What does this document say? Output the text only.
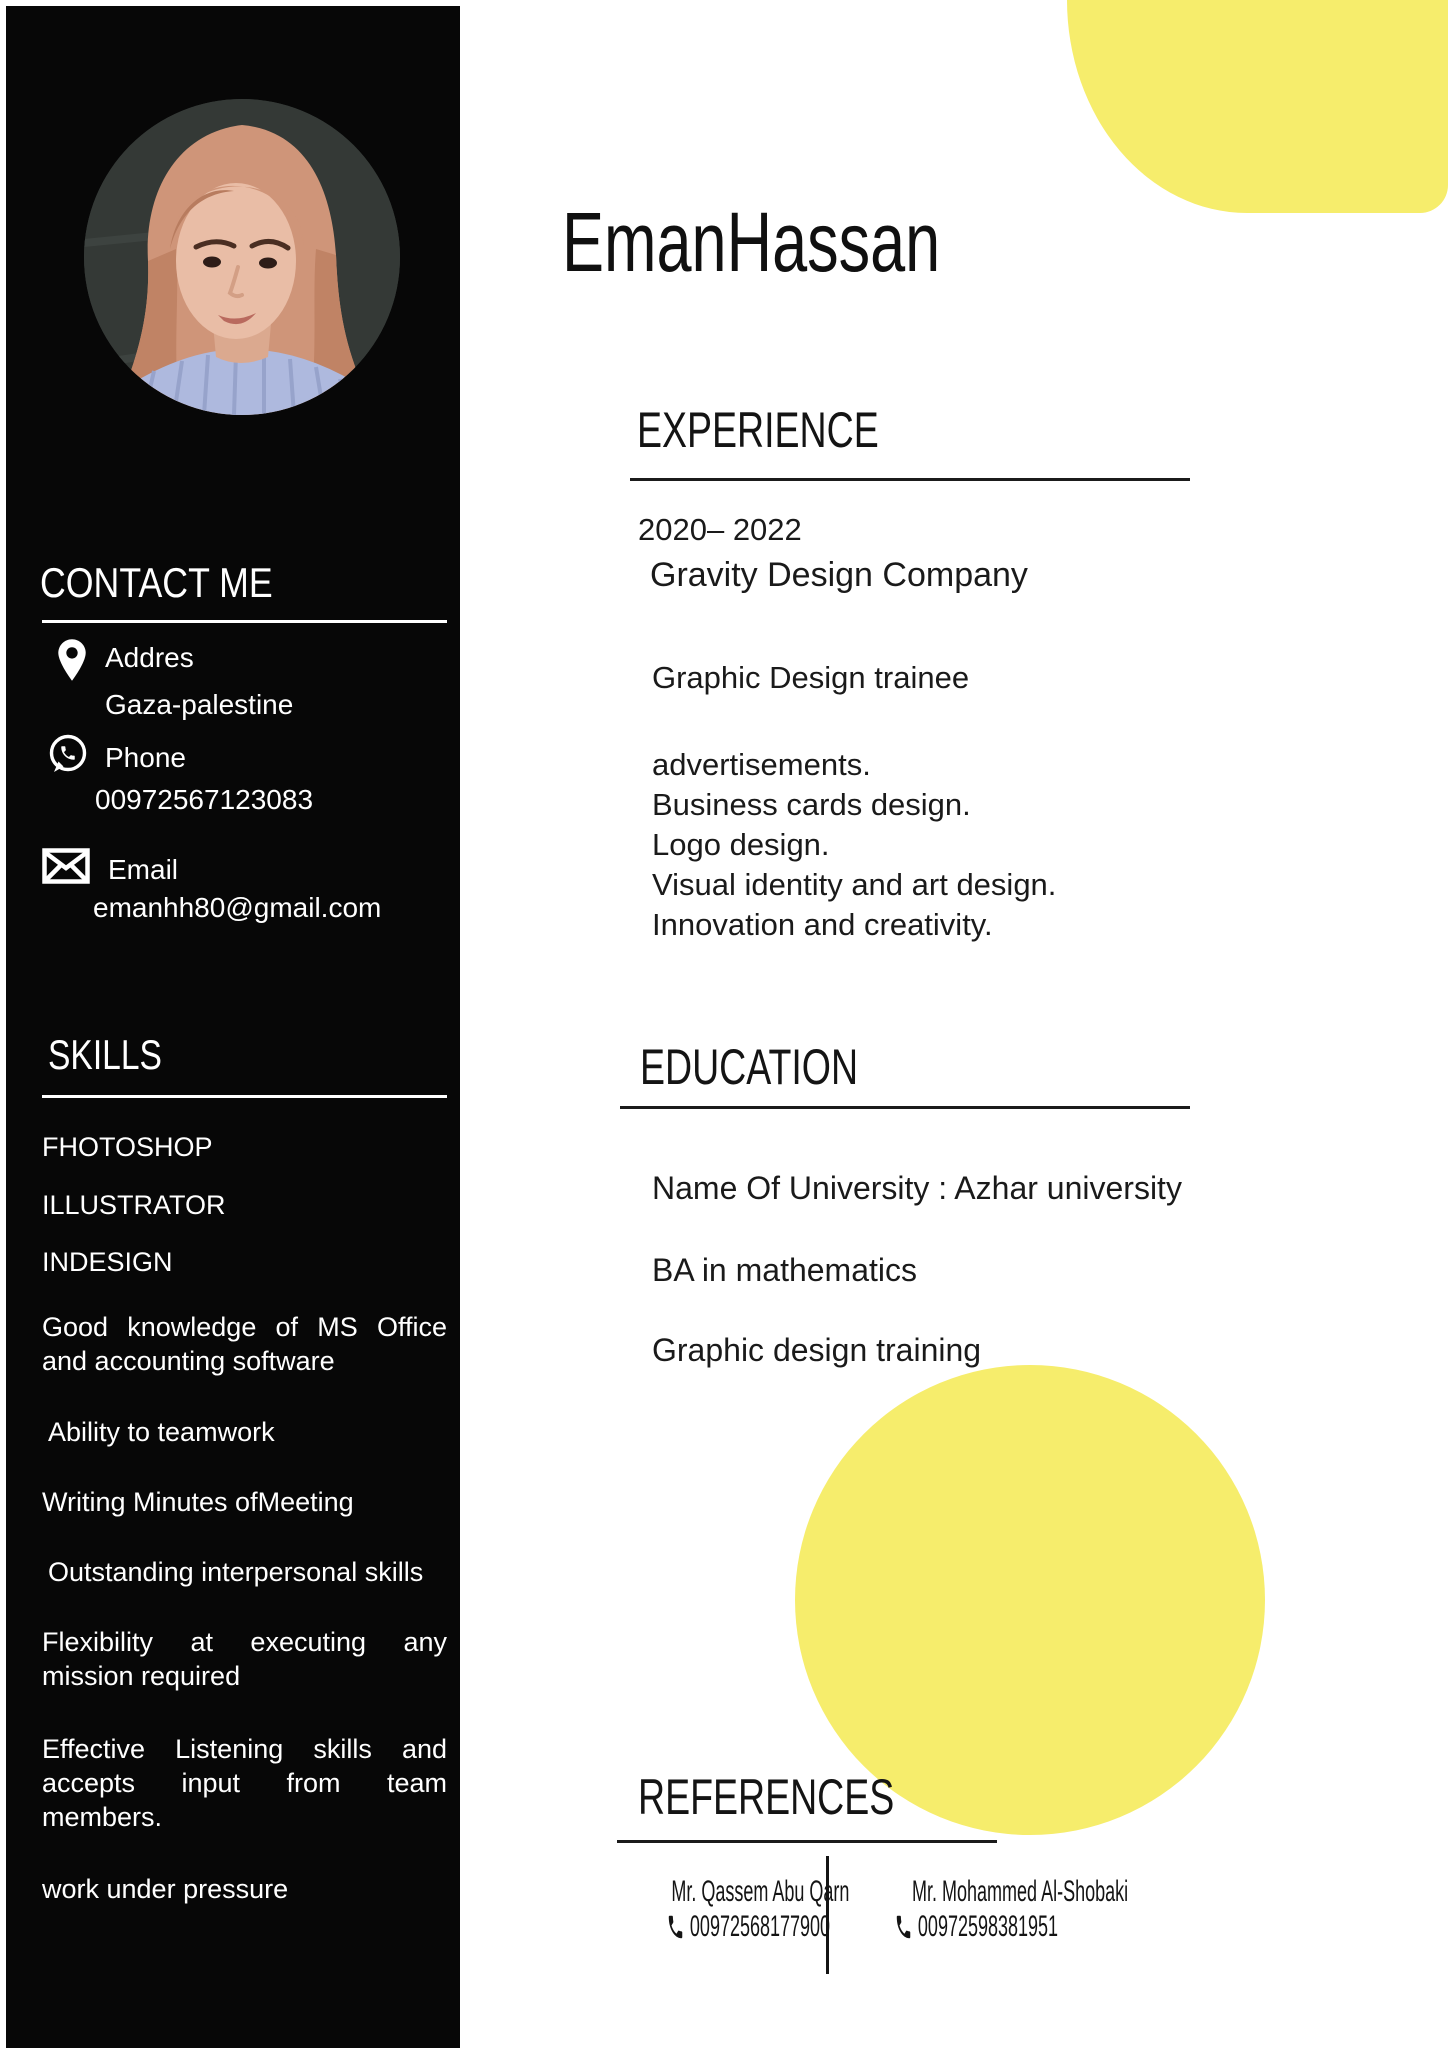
CONTACT ME
Addres
Gaza-palestine
Phone
00972567123083
Email
emanhh80@gmail.com
SKILLS
FHOTOSHOP
ILLUSTRATOR
INDESIGN
Good knowledge of MS Office and accounting software
Ability to teamwork
Writing Minutes ofMeeting
Outstanding interpersonal skills
Flexibility at executing any mission required
Effective Listening skills and accepts input from team members.
work under pressure
EmanHassan
EXPERIENCE
2020– 2022
Gravity Design Company
Graphic Design trainee
advertisements.
Business cards design.
Logo design.
Visual identity and art design.
Innovation and creativity.
EDUCATION
Name Of University : Azhar university
BA in mathematics
Graphic design training
REFERENCES
Mr. Qassem Abu Qarn
00972568177900
Mr. Mohammed Al-Shobaki
00972598381951
